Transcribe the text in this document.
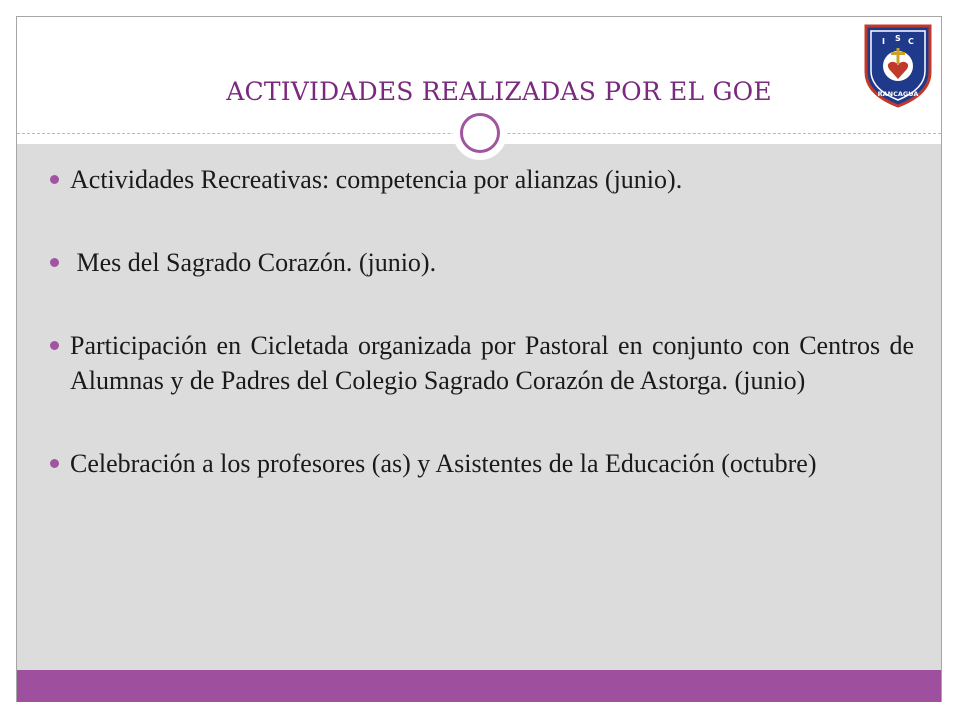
ACTIVIDADES REALIZADAS POR EL GOE
I S C
RANCAGUA
Actividades Recreativas: competencia por alianzas (junio).
Mes del Sagrado Corazón. (junio).
Participación en Cicletada organizada por Pastoral en conjunto con Centros de Alumnas y de Padres del Colegio Sagrado Corazón de Astorga. (junio)
Celebración a los profesores (as) y Asistentes de la Educación (octubre)
